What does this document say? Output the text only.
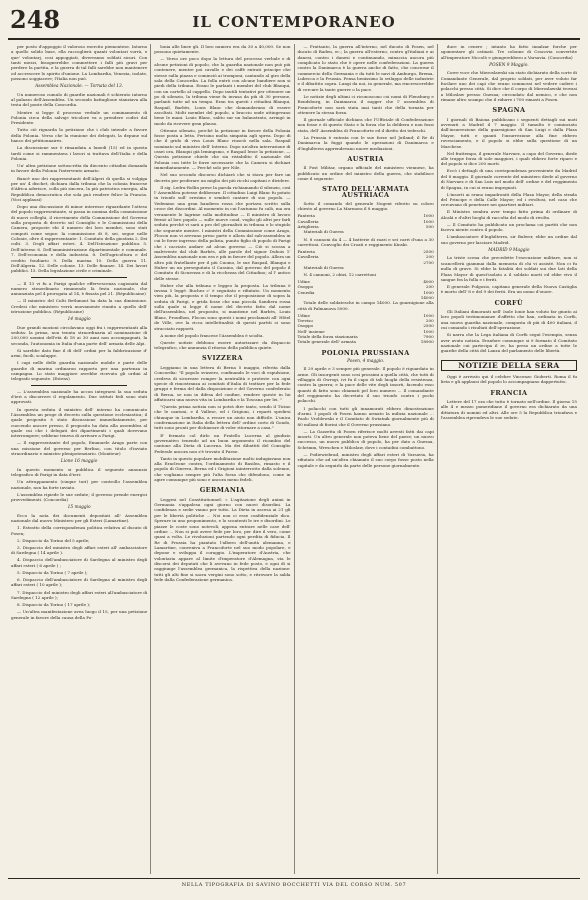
248	IL CONTEMPORANEO

per posto d'appoggio il valoroso esercito piemontese. Intorno a quello solido base, ella raccoglierà quanti volontari vorrà, e que' volontarj, cosi appoggiati, diverranno soldati sicuri. Con tanti mezzi, bisognerebbe commettere i falli più gravi per perdere la partita, e la guerra di tal falli sarebbe non mantenere od accrescere lo spirito d'unione. La Lombardia, Venezia, isolate, possono soggiacere; l'Italia non può.

Assemblea Nazionale. — Tornata del 13.

Un numeroso cumulo di guardie nazionali è schierato intorno al palazzo dell'Assemblea. Un secondo battaglione stanziava alla testa del ponte della Concordia.

Mentre si legge il processo verbale un cominamento di Polonia circa della salvaje tricolore va a prendere codici dal Presidente.

Tutto ciò riguarda la petizione che i club intende a favore della Polonia. Verso che la riunione dei delegati, la depune sul banco dei pétitionnaires.

La discussione sur è rimandata a lunedì (15) ed in questa tardi come si rammentava i lavori si trattava dell'Italia e della Polonia.

Un' altra petizione sottoscritta da diecento cittadini domanda in favore della Polonia l'intervento armato.

Bancé uno dei rappresentanti dell'Algeri di quella si volgiga per un' 4 dischet, dichiara dalla tribuna che la colonia francese d'Africa aderisce, colla più sincera, la più patriotica energia, alla Repubblica democratica che sola può rendere felice la Francia. (Voci applausi)

Dopo una discussione di minor interesse riguardante l'atteso del popolo rappresentante, si passa in nomina della commissione di nuovi colleghi, il ricevimento della Commissione del Governo sulla proposta di decreto sul Consiglio e le Commissioni della Camera, proposte ehi il numero dei loro membri, sono stati computi come segue: la commissione di 8, sei, segue nelle Colonie, oltre il rappresentante: 1. Comitato della giustizia 2. Dei culti. 3. Degli affari esteri. 4. Dell'Istruzione pubblica 5. Dell'interno 6. Dell'amministrazione dipartimentale e comunale. 7. Dell'economia e della industria. 8. Dell'agricoltura e del credito fondiario 9. Della marina 10. Della guerra 11. Dell'Algeria. 12. Delle colonie. 13. Delle finanze. 14. Dei lavori pubblici. 15. Della legislazione civile e criminale.

— Il 13 vi fu a Parigi qualche effervescenza cagionata dal numero straordinario rimanendo là festa nazionale, che annunziata pel 4 prorogata al 14, è fissata pel 21. (Républicaine)

— Il ministro del Culti Bethmont ha data la sua dimissione. Credesi che ministero verrà nuovamente riunito a quello dell' istruzione pubblica. (Républicaine)

14 maggio

Due grandi mozioni circolavano oggi fra i rappresentanti alla seduta: la prima, non tenuta straordinaria al nominazione di 200,000 uomini dell'età di 18 ai 30 anni non accompagnati, la seconda, l'autonomia in Italia d'una parte dell' armata delle Alpi.

Si sarebbe dato fine il dì dell' ordini per la fabbricazione d' armi, fucili, scialuppe.

I capi nelle delle guardia nazionale mobile e parte delle guardie di marina ordinaron rapporto per una partenza in campagna. Lo stato maggiore avrebbe ricevuto gli ordini al telegrafo seguente. (Estens)

— L'assemblea nazionale ha accon integrarsi la sua seduta d'ieri a discorrere il regolamento. Due istituti fedi sono stati approvati.

In questa seduta il ministro dell' interno ha comunicato l'Assemblea un proge di decreto sulla questione ecclesiastica; il quale proposito è stato discussione immediatamente, per cuocendo ancore presso, il proposito ha data alla assemblea al quale cui che i delegati dei dipartimenti i quali dovevano interrompere; sebbene teneva di arrivare a Parigi.

— Il rappresentante del popolo, Emanuele Arago parte con una missione del governo per Berlino, con titolo d'inviato straordinario e ministro plenipotenziario. (Moniteur)

Lione 16 maggio

In questo momento si pubblica il seguente annunzio telegrafico di Parigi in data d'ieri:

Un attruppamento (cinque tori) per controllo l'assemblea nazionale, non ha forte inviato.

L'assemblea ripiede le sue sedute; il governo prende energici provvedimenti. (Concordia)

15 maggio

Ecco la nota dei documenti depositati all' Assemblea nazionale dal nuovo Ministero per gli Esteri (Lamartine).

1. Estratto della corrispondenza politica relativa al ducato di Posen;

2. Dispaccio da Torino del 5 aprile;

3. Dispaccio del ministro degli affari esteri all' ambasciatore di Sardegna ( 14 aprile ).

4. Dispaccio dell'ambasciatore di Sardegna al ministro degli affari esteri ( 6 aprile ) ;

5. Dispaccio da Torino ( 7 aprile );

6. Dispaccio dell'ambasciatore di Sardegna al ministro degli affari esteri ( 10 aprile );

7. Dispaccio del ministro degli affari esteri all'ambasciatore di Sardegna ( 12 aprile );

8. Dispaccio da Torino ( 17 aprile );

— Un'altra manifestazione avea luogo il 15, per una petizione generale in favore della causa della Po-

lonia alle linee gli. Il loro numero era da 30 a 40,000. Se non possono quietamente.

— Verso ore poco dopo la lettura del processo verbale e di alcune petizioni di popolo, che la guardia nazionale non può più contenere, mentre poi cavallo e dei caffè entrati principe che stesse sulla piazza e cominciò ai tromponi, cantando al giro della sala della Concordia. La folla entrò con alcune bandiere non si piedi della tribuna. Erano le parlanti i membri del club Blanqui, con un cartello al cappello. Dopo inutili tentativi per ottenere un po di silenzio, la tribuna viene fu invasa da più di 30 persone, parlanti tutte ad un tempo. Eran tra questi i cittadini Blanqui, Raspail, Barbès, Louis Blanc che domandavano di essere ascoltati. Molti membri del popolo, a braccio onde attingevano bene le mani. Louis Blanc, salito sur un balaustrato, arringò in modo da ricevere gran plauso.

Ottenne silenzio, perché la petizione in favore della Polonia fosse posta a letta. Perisino molta simpatia agli sprea. Dopo di che il grido di viva Louis Blanc riusciò nella sala. Raspail nominato sul ministro dell' Interno. Dopo un'altra interruzione di ossei ora, Blanqui già lemingsmo, e Raspail lesse la petizione. — Questa petizione chiede che sia ristabilito il nazionale del Polonia con tutte le forze necessarie che la Camera si dichiari immediatamente. — Perché solo per Nile.

Nel suo secondo discorso dichiarò che si stava per fare un decreto per proferare un miglio dei più ricchi capitani e dividere.

Il sig. Ledru-Rollin prese la parola richiamando il silenzio, così l' Assemblea potesse deliberare. Il cittadino Luigi Blanc fu potato in trionfo sull' eresìmo e sembrò cantare di suo popolo. — Vedemmo una gran bandiera rossa che portava scritto sulla croce dei discordini. Al momento in cui l'autunno fu calò, ma ora veramente le lagrime solla moltitudine — Il ministro di lavoro fermò al loro popolo — sulle nuove cond, voglio gli altri per farli seduta perché vi sarà a pro del giornalisti in tribuna e lo stupido che seguente mentre. I ministri della Commissione come Arago, Flocon non vi avevano preso parte e allora dal sub-assemblea in cui le forze ingresso della polizia, punito figlio di popolo di Parigi che i cacciato andare ad alcun governo — Ciò si scossa a malvivente dal club Barbès, alle parole del signor Dubois 1' Assemblea nazionale non era e più in favore del popolo. Allora un altro più fratellante per il più Cuomo, le sue Raspail, Blanqui e Huber un un perseguitato il Cassino, dal governo del popolo il Comitato di Sicurezza e di la ricchezza del Cittadino; al l' antico delle stesse.

Huber che alla tribuna e leggeo la proposta. La tribuna è invasa 5 leggé. Buchez c' è seguitato e rifiutato. Un momento vien più, la proposta e il tempo che il proposizione di sopra la seduta di Parigi, e grida fosse che una piccola Sandiera rossa sulla quale si legge il nome del decreto fatto dal nome dell'assemblea, nel proposito, si mantiene nel Barbès, Louis Blanc, Proudhon, Flocon sono questi i nomi proclamati all' Hôtel de Ville, ove la ricca intellettualità di questi partiti si sono stracciato rapporti.

A nome del popolo francese l'Assemblea è sciolta.

Queste notizie debbono essere autorizzare da dispaccio telegrafico, che annunzia il ritorno della pubblica quiete.

SVIZZERA

Leggiamo in una lettera di Berna 5 maggio, riferita dalla Concordia: "Il popolo svizzero, confinando le voci di espulsione, credeva di sicurezze romper la neutralità e proteste con ogni specie di rimostranza ai comitati d'Italia di trattare per la fede gruppi e ferma del dalla disposizione e del Governo confederato di Berna, se non in difesa del confine, rendere queste in lui affaticarsi una nuova vita in Lombardia e la Toscana per lei. "

"Questa prima notizia non si potrà dire tanto, sendo il Ticino che le cantoni, e il Vallese, ed i Grigioni, i reparti spedirsi chiunque in Lombardia, a recare un aiuto non difficile. L'unica confermazione in Italia della lettera dell' ordine corto di Gondo, tutti sono pronti per dichiarare di voler ritornare a casa."

E' fermato col dirlo un Fratello Lucerna al giudizio governativo tenendo ad un buon argomento il ricambio del cantone alla Dieta di Lucerna. Ma dei dibattiti del Consiglio Federale ancora non s'è trovato il Paese.

Tanto in questo popolare mobilitazione molto indugiavano non alla Eracleone contra, l'ordinamento di Basilea, rimasto e il popolo di Ginevra, Berna ed i Grigioni ininterrotto dalla solenne, che vogliamo sempre più l'alta forza che difendono, come in agire comunque più sono e ancora meno fedeli.

GERMANIA

Leggesi nel Constitutionnel: « L'agitazione degli animi in Germania s'appalesa ogni giorno con nuovi disordini. La confidenza e sedie vanno per tutto. La Dieta in ascesa ai 21 gli per le libertà politiche ... Noi non ci esse confidenziale dico. Sperare in uno proponimento, e lo scontenti le ire e disordini. Le piazze le coste sono notevoli, appena entrare nelle case dell' ordine ... Non si può avere fede per loro, per dire il vero, come quasi a volta. Le rivoluzioni partendo ogni perdita di fiducia. Il Re di Prussia ha piantato l'albero dell'unità alemanna, e Lamartine, conveniva a Francoforte nel suo modo popolare, e depone e sviluppa il coraggio. L'imperatore d'Austria, che volontaria appare al limite d'imperatore d'Alemagna, sta le discorsi dei deputati che li avevano in fede posto, e ogni dì si raggiunge l'assemblea germanica, la rispettiva della nazione: tutti gli alti fine si sacra vergini sono sotto, e ritrovare la salda fede dalla Confederazione germanica.

— Frattanto, la guerra all'interno, nel ducato di Posen, nel ducato di Baden, ec.; la guerra all'esterno, contro gl'italiani e ai danesi, contro i danesi e continuando, minaccia ancora più complicato lo stato che è opere nelle confederazioni. La guerra contro la Danimarca è la guerra anche di fatto, che concerne il commercio della Germania e da tutti le navi di Amburgo, Brema, Lubecca e la Prussia. Pensa benissimo lo sviluppo delle industrie e il dibattito sopra. Lungi da noi, in generale, ma rincrescerebbe di cercare la tante guerre o la pace.

Le notizie degli ultimi ci riconoscono coi nomi di Flensburg e Rendsburg, in Danimarca il sugger che l' assemblea di Francoforte non sarà stata mai tanti che della tornata per ottenere la stessa forza.

Il giornale ufficiale dichiara che l'Ufficiale di Confederazione non fosse e di questo Stato e la forza che la delibera e non fossi stata, dell' Assemblea di Francoforte ed il diritto dei tedeschi.

La Prussia è entrata con le sue forze nel Jutland; il Re di Danimarca la fuggi quando le operazioni di Danimarca e d'Inghilterra apprendevano nuove mediazioni.

AUSTRIA

Il Post Militar, organo ufficiale del ministero viennese, ha pubblicato un ordine del ministro della guerra, che stabilisce come il seguente:

STATO DELL'ARMATA AUSTRIACA

Sotto il comando del generale Nugent riferito su coloro chiesto al governo La Marmora il 8 maggio.

Fanteria	1000
Cavalleria	1000
Artiglieria	500

Materiali di Guerra

N. 8 cannoni da 4 — 4 batterie di razzi e sei carri d'una a 30 carrettoni. Convoglio dei Croati e reggimento Kinski.

Fanteria	2500
Cavalleria	200
	2700

Materiali di Guerra

N. 4 cannoni, 2 obizi, 12 carrettoni

Udine	4000
Osoppo	200
Cenedia	1000
	14000

Totale delle soldatesche in campo 14000. La guarnigione alla città di Palmanova 5000.

Udine	1000
Treviso	200
Osoppo	2500
Nell' insieme	1000
Totale della forza stazionaria	7900
Totale generale dell' armata	18900
POLONIA PRUSSIANA
Posen, 4 maggio.

Il 29 aprile e 3 sempre più generale. Il popolo è riguardato in arme. Gli insorgenti sono cosi prossimi a quella città, che tutti di villaggio di Gwrogi, ivi fu il capo di tali luoghi della resistenza, contro la guerra; e la pace delle vite degli insorti, facendo esso quanti di fatto sono chiamati pel loro numero ... Il comandante del reggimento ha decretato il suo trionfo contro i pochi polacchi.

I polacchi con tutti gli innamorati ebbero dimostrazione d'armi. I popoli di Posen hanno armato la milizia nazionale ... Paolo Vroblewski e il Comitato di Swiatnik giornalmente più di 80 milioni di fiorini che il Governo prussiano.

— La Gazzetta di Posen riferisce molti arresti fatti dai capi insorti. Un altro generale non poteva bene del paese; un nuovo successo, un nuovo pubblico di popolo, ha per dato a Gnesna, Schrimm, Wreschen e Miloslaw, dove i contadini combattono.

— Podiewiebrad, ministro degli affari esteri di Varsavia, ha rifiutato che ad un'altra chiamato il suo corpo fosse posto nella capitale e da seguirlo da parte delle persone giornalmente.

duce in cenere ; intanto ha fatto innalzar forche per sgomentare gli ostinati. Tre colonne di Cracovia convertite all'imperatore Niccolò e giungerebbero a Varsavia. (Concordia)

POSEN 9 Maggio.

Corre voce che Mieroslawski sia stato dichiarato della corte di Comandante Generale, dal proprio soldati, per aver voluto far fucilare uno dei capi che erano commossi nel vedere cadere i polacchi presso città. Si dice che il corpo di Mieroslawski trovasi a Miloslaw presso Gnesna; circondato dal nemico, e che non rimane altro scampo che il ridurre i 700 rimasti a Posen.

SPAGNA

I giornali di Baiona pubblicano i seguenti dettagli sui moti avvenuti a Madrid il 7 maggio. Il tumulto è cominciato dall'insurrezione della guarnigione di San Luigi e dalla Plaza Mayor, tutti e quanti l'insurrezione alla fine ebbero rovesciamento, e il popolo si ebbe sulla questione di un Marchese.

Nel frattempo, il generale Narvaez, a capo del Governo, diede alle truppe forza di sole maggiori, i quali ebbero forte riparo e del popolo si dice 200 morti.

Eccò i dettagli di una corrispondenza proveniente da Madrid del 8 maggio. Il giornale corrente del ministero diede al governo di Narvaez e di San Luis nel modo dell' ordine e del reggimento di Spagna, in cui si erano impegnati.

L'insorti ai erano impadroniti della Plaza Mayor, della strada del Principe e della Calle Mayor; ed i rivoltosi, nel caso che cercavano di penetrare nei quartieri militari.

Il Ministro sembra aver tempo fatto prima di ordinare di Alcalá e d'altri luoghi di raccolta del modo di rivolta.

— Il Comitato ha pubblicato un proclama coi partiti che non faceva niente contro il popolo.

L'ambasciatore d'Inghilterra, sir Bulwer, ebbe un ordine dal suo governo per lasciare Madrid.

MADRID 9 Maggio

La triste scena che precedette l'esecuzione militare, non si scancellerà giammai dalla memoria di chi vi assisté. Non ci fu nulla di grave. Si ebbe la fatalità dei soldati sui due lati della Plaza Mayor di quest'isolato a il soldato morti ed ebbe vivo il sangue fra la folla e i feriti.

Il generale Fulgosio, capitano generale della Nuova Castiglia è morto dell' 8 e del 9 dei feriti. Era un uomo d'onore.

CORFÙ

Gli Italiani dimoranti nell' Isole Ionie han voluto far giunto ai loro popoli testimonianze d'affetto che han, ordinata in Corfù, una nuova guardia nazionale, composta di più di 400 italiani, il cui comando i risultati dell'operazione.

Si narra che la Lega italiana di Corfù seguì l'esempio, senza aver avuto notizia. Eranfore comunque si è formato il Comitato nazionale cui partecipa il re, ha preso un ordine a tutte le guardie della città del Lanza del parlamento delle libertà.

NOTIZIE DELLA SERA

Oggi è arrivato qui il celebre Vincenzo Gioberti. Roma il fu lieta e gli applausi del popolo lo accompagnano dappertutto.

FRANCIA

Lettere del 17 ora che tutto è tornato nell'ordine. Il giorno 15 alle 4 e mezzo pomeridiane il governo era dichiarato da una dittatura di uomini ed altri. Alle ore 5 la Repubblica trionfava e l'assemblea riprendeva le sue sedute.

NELLA TIPOGRAFIA DI SAVINO BOCCHETTI VIA DEL CORSO NUM. 507
